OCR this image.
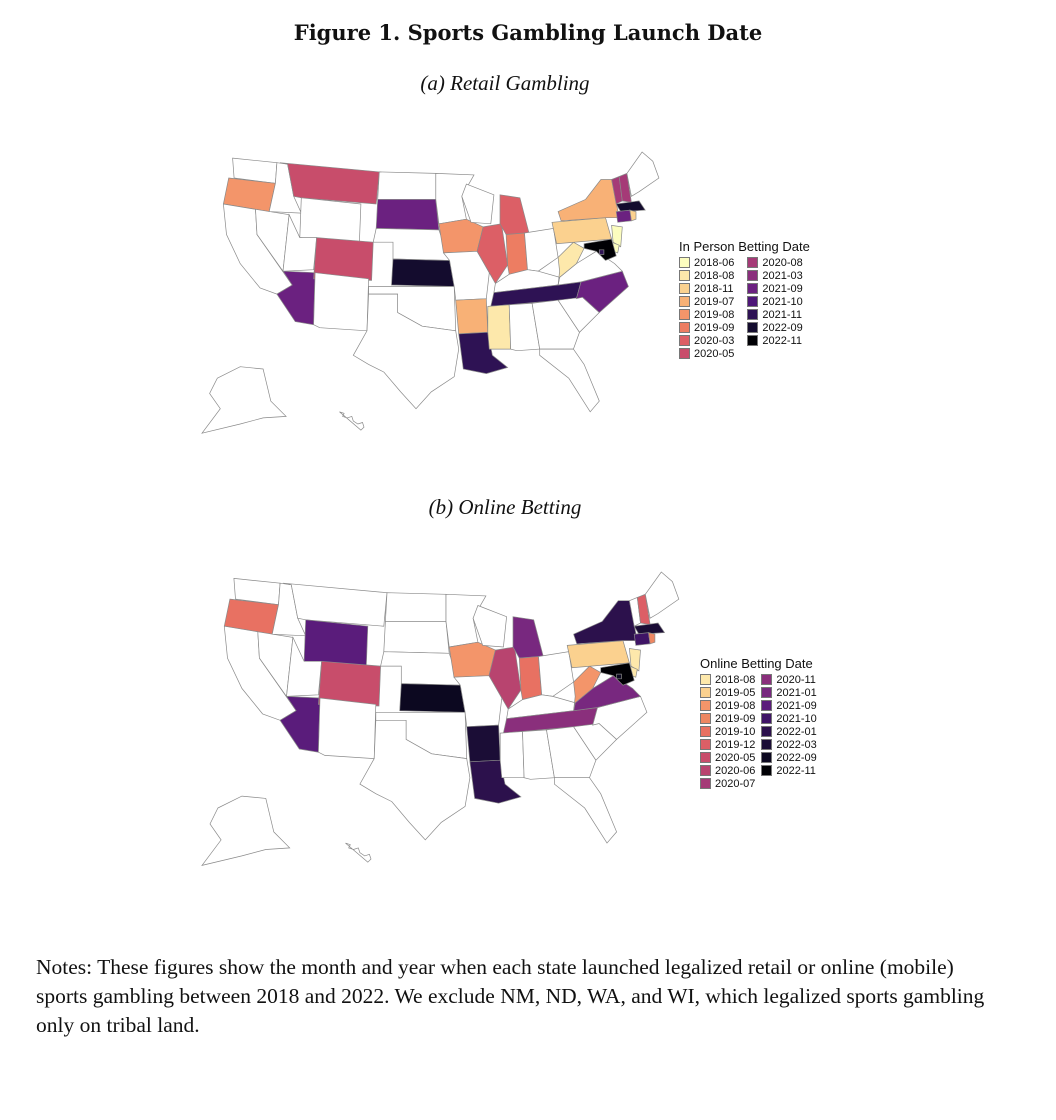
Figure 1. Sports Gambling Launch Date
(a) Retail Gambling
In Person Betting Date
2018-06
2018-08
2018-11
2019-07
2019-08
2019-09
2020-03
2020-05
2020-08
2021-03
2021-09
2021-10
2021-11
2022-09
2022-11
(b) Online Betting
Online Betting Date
2018-08
2019-05
2019-08
2019-09
2019-10
2019-12
2020-05
2020-06
2020-07
2020-11
2021-01
2021-09
2021-10
2022-01
2022-03
2022-09
2022-11
Notes: These figures show the month and year when each state launched legalized retail or online (mobile) sports gambling between 2018 and 2022. We exclude NM, ND, WA, and WI, which legalized sports gambling only on tribal land.
